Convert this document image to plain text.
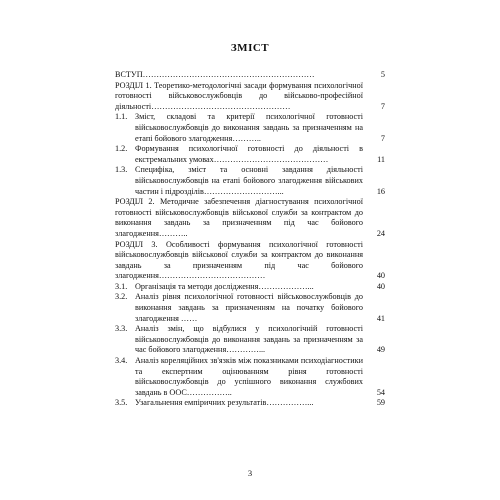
ЗМІСТ
ВСТУП………………………………………………………	5
РОЗДІЛ 1. Теоретико-методологічні засади формування психологічної готовності військовослужбовців до військово-професійної діяльності……………………………………………	7
1.1. Зміст, складові та критерії психологічної готовності військовослужбовців до виконання завдань за призначенням на етапі бойового злагодження………..	7
1.2. Формування психологічної готовності до діяльності в екстремальних умовах……………………………………	11
1.3. Специфіка, зміст та основні завдання діяльності військовослужбовців на етапі бойового злагодження військових частин і підрозділів………………………...	16
РОЗДІЛ 2. Методичне забезпечення діагностування психологічної готовності військовослужбовців військової служби за контрактом до виконання завдань за призначенням під час бойового злагодження………..	24
РОЗДІЛ 3. Особливості формування психологічної готовності військовослужбовців військової служби за контрактом до виконання завдань за призначенням під час бойового злагодження…………………………………	40
3.1. Організація та методи дослідження………………...	40
3.2. Аналіз рівня психологічної готовності військовослужбовців до виконання завдань за призначенням на початку бойового злагодження ……	41
3.3. Аналіз змін, що відбулися у психологічній готовності військовослужбовців до виконання завдань за призначенням за час бойового злагодження…………...	49
3.4. Аналіз кореляційних зв'язків між показниками психодіагностики та експертним оцінюванням рівня готовності військовослужбовців до успішного виконання службових завдань в ООС……………..	54
3.5. Узагальнення емпіричних результатів……………...	59
3
